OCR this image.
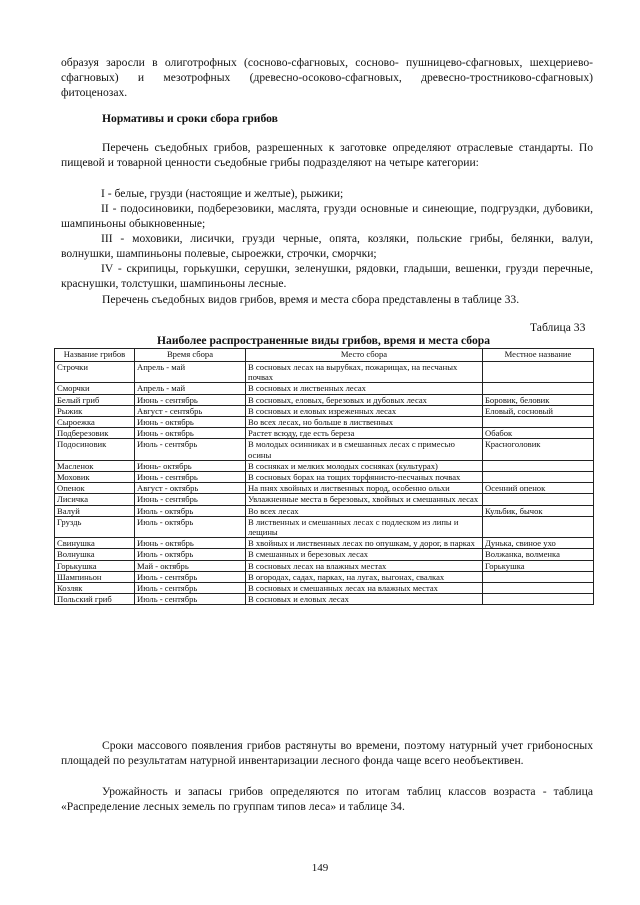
образуя заросли в олиготрофных (сосново-сфагновых, сосново- пушницево-сфагновых, шехцериево-сфагновых) и мезотрофных (древесно-осоково-сфагновых, древесно-тростниково-сфагновых) фитоценозах.

Нормативы и сроки сбора грибов

Перечень съедобных грибов, разрешенных к заготовке определяют отраслевые стандарты. По пищевой и товарной ценности съедобные грибы подразделяют на четыре категории:

I - белые, грузди (настоящие и желтые), рыжики;

II - подосиновики, подберезовики, маслята, грузди основные и синеющие, подгруздки, дубовики, шампиньоны обыкновенные;

III - моховики, лисички, грузди черные, опята, козляки, польские грибы, белянки, валуи, волнушки, шампиньоны полевые, сыроежки, строчки, сморчки;

IV - скрипицы, горькушки, серушки, зеленушки, рядовки, гладыши, вешенки, грузди перечные, краснушки, толстушки, шампиньоны лесные.

Перечень съедобных видов грибов, время и места сбора представлены в таблице 33.

Таблица 33

Наиболее распространенные виды грибов, время и места сбора

Название грибов	Время сбора	Место сбора	Местное название
Строчки	Апрель - май	В сосновых лесах на вырубках, пожарищах, на песчаных почвах	
Сморчки	Апрель - май	В сосновых и лиственных лесах	
Белый гриб	Июнь - сентябрь	В сосновых, еловых, березовых и дубовых лесах	Боровик, беловик
Рыжик	Август - сентябрь	В сосновых и еловых изреженных лесах	Еловый, сосновый
Сыроежка	Июнь - октябрь	Во всех лесах, но больше в лиственных	
Подберезовик	Июнь - октябрь	Растет всюду, где есть береза	Обабок
Подосиновик	Июль - сентябрь	В молодых осинниках и в смешанных лесах с примесью осины	Красноголовик
Масленок	Июнь- октябрь	В сосняках и мелких молодых сосняках (культурах)	
Моховик	Июнь - сентябрь	В сосновых борах на тощих торфянисто-песчаных почвах	
Опенок	Август - октябрь	На пнях хвойных и лиственных пород, особенно ольхи	Осенний опенок
Лисичка	Июнь - сентябрь	Увлажненные места в березовых, хвойных и смешанных лесах	
Валуй	Июль - октябрь	Во всех лесах	Кульбик, бычок
Груздь	Июль - октябрь	В лиственных и смешанных лесах с подлеском из липы и лещины	
Свинушка	Июнь - октябрь	В хвойных и лиственных лесах по опушкам, у дорог, в парках	Дунька, свиное ухо
Волнушка	Июль - октябрь	В смешанных и березовых лесах	Волжанка, волменка
Горькушка	Май - октябрь	В сосновых лесах на влажных местах	Горькушка
Шампиньон	Июль - сентябрь	В огородах, садах, парках, на лугах, выгонах, свалках	
Козляк	Июль - сентябрь	В сосновых и смешанных лесах на влажных местах	
Польский гриб	Июль - сентябрь	В сосновых и еловых лесах	

Сроки массового появления грибов растянуты во времени, поэтому натурный учет грибоносных площадей по результатам натурной инвентаризации лесного фонда чаще всего необъективен.

Урожайность и запасы грибов определяются по итогам таблиц классов возраста - таблица «Распределение лесных земель по группам типов леса» и таблице 34.

149
